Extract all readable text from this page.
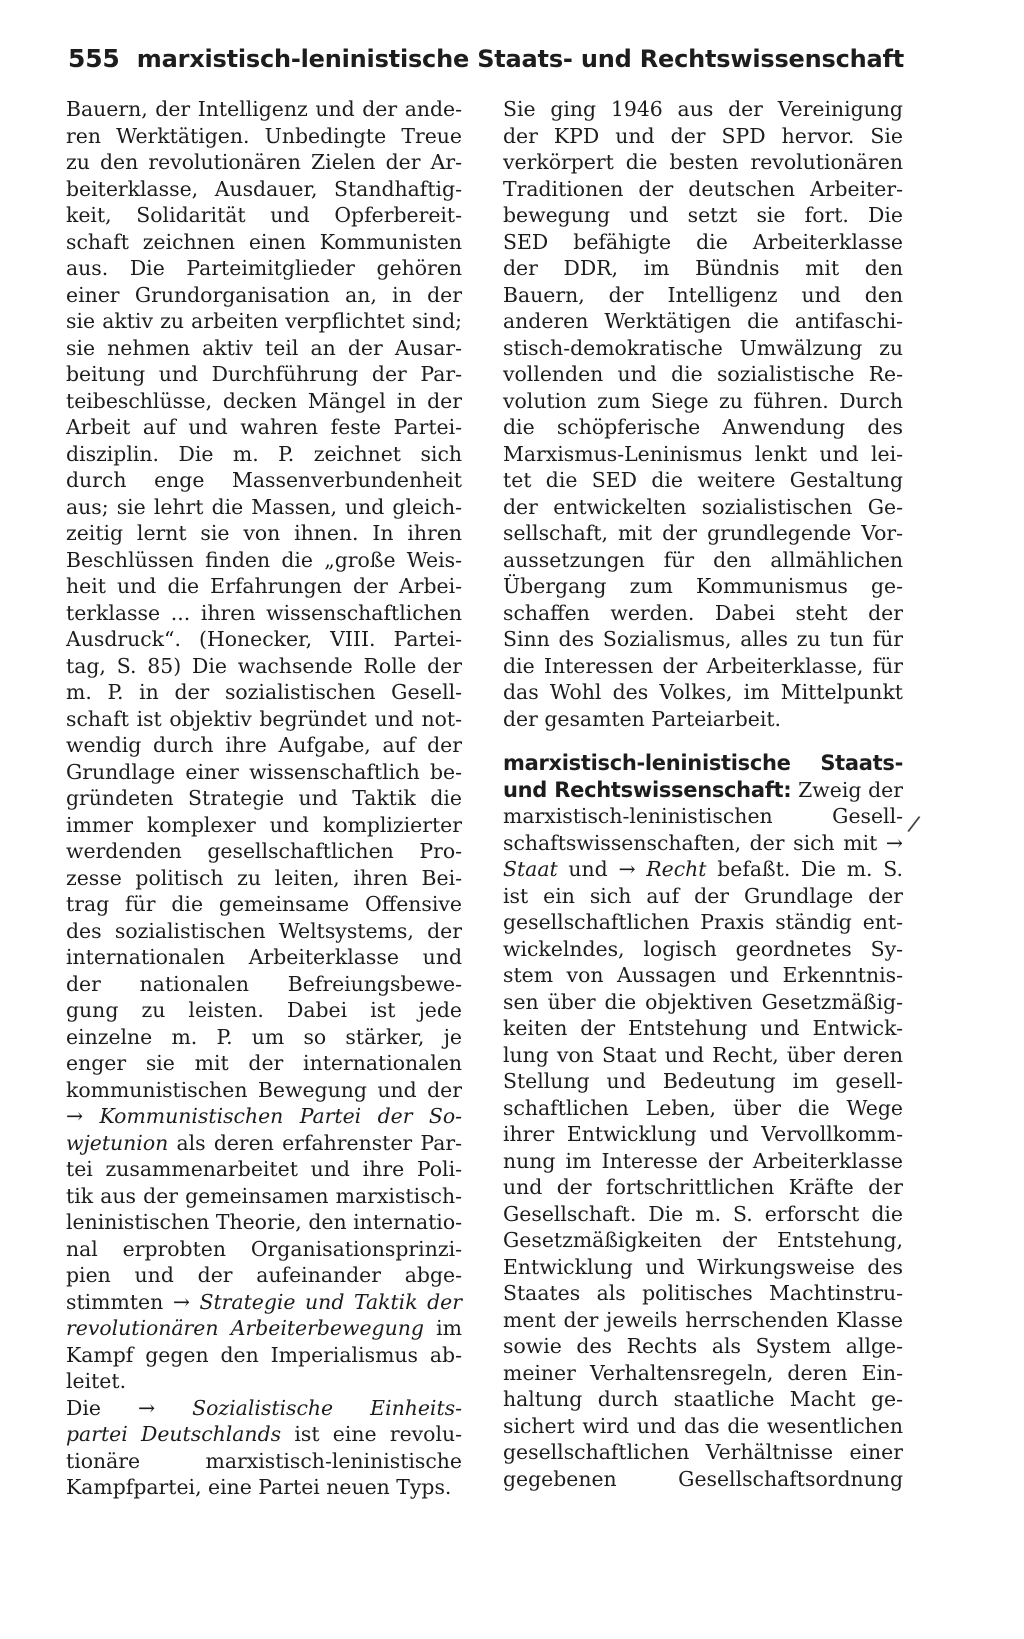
555 marxistisch-leninistische Staats- und Rechtswissenschaft
Bauern, der Intelligenz und der ande-
ren Werktätigen. Unbedingte Treue
zu den revolutionären Zielen der Ar-
beiterklasse, Ausdauer, Standhaftig-
keit, Solidarität und Opferbereit-
schaft zeichnen einen Kommunisten
aus. Die Parteimitglieder gehören
einer Grundorganisation an, in der
sie aktiv zu arbeiten verpflichtet sind;
sie nehmen aktiv teil an der Ausar-
beitung und Durchführung der Par-
teibeschlüsse, decken Mängel in der
Arbeit auf und wahren feste Partei-
disziplin. Die m. P. zeichnet sich
durch enge Massenverbundenheit
aus; sie lehrt die Massen, und gleich-
zeitig lernt sie von ihnen. In ihren
Beschlüssen finden die „große Weis-
heit und die Erfahrungen der Arbei-
terklasse ... ihren wissenschaftlichen
Ausdruck“. (Honecker, VIII. Partei-
tag, S. 85) Die wachsende Rolle der
m. P. in der sozialistischen Gesell-
schaft ist objektiv begründet und not-
wendig durch ihre Aufgabe, auf der
Grundlage einer wissenschaftlich be-
gründeten Strategie und Taktik die
immer komplexer und komplizierter
werdenden gesellschaftlichen Pro-
zesse politisch zu leiten, ihren Bei-
trag für die gemeinsame Offensive
des sozialistischen Weltsystems, der
internationalen Arbeiterklasse und
der nationalen Befreiungsbewe-
gung zu leisten. Dabei ist jede
einzelne m. P. um so stärker, je
enger sie mit der internationalen
kommunistischen Bewegung und der
→ Kommunistischen Partei der So-
wjetunion als deren erfahrenster Par-
tei zusammenarbeitet und ihre Poli-
tik aus der gemeinsamen marxistisch-
leninistischen Theorie, den internatio-
nal erprobten Organisationsprinzi-
pien und der aufeinander abge-
stimmten → Strategie und Taktik der
revolutionären Arbeiterbewegung im
Kampf gegen den Imperialismus ab-
leitet.
Die → Sozialistische Einheits-
partei Deutschlands ist eine revolu-
tionäre marxistisch-leninistische
Kampfpartei, eine Partei neuen Typs.
Sie ging 1946 aus der Vereinigung
der KPD und der SPD hervor. Sie
verkörpert die besten revolutionären
Traditionen der deutschen Arbeiter-
bewegung und setzt sie fort. Die
SED befähigte die Arbeiterklasse
der DDR, im Bündnis mit den
Bauern, der Intelligenz und den
anderen Werktätigen die antifaschi-
stisch-demokratische Umwälzung zu
vollenden und die sozialistische Re-
volution zum Siege zu führen. Durch
die schöpferische Anwendung des
Marxismus-Leninismus lenkt und lei-
tet die SED die weitere Gestaltung
der entwickelten sozialistischen Ge-
sellschaft, mit der grundlegende Vor-
aussetzungen für den allmählichen
Übergang zum Kommunismus ge-
schaffen werden. Dabei steht der
Sinn des Sozialismus, alles zu tun für
die Interessen der Arbeiterklasse, für
das Wohl des Volkes, im Mittelpunkt
der gesamten Parteiarbeit.
marxistisch-leninistische Staats-
und Rechtswissenschaft: Zweig der
marxistisch-leninistischen Gesell-
schaftswissenschaften, der sich mit →
Staat und → Recht befaßt. Die m. S.
ist ein sich auf der Grundlage der
gesellschaftlichen Praxis ständig ent-
wickelndes, logisch geordnetes Sy-
stem von Aussagen und Erkenntnis-
sen über die objektiven Gesetzmäßig-
keiten der Entstehung und Entwick-
lung von Staat und Recht, über deren
Stellung und Bedeutung im gesell-
schaftlichen Leben, über die Wege
ihrer Entwicklung und Vervollkomm-
nung im Interesse der Arbeiterklasse
und der fortschrittlichen Kräfte der
Gesellschaft. Die m. S. erforscht die
Gesetzmäßigkeiten der Entstehung,
Entwicklung und Wirkungsweise des
Staates als politisches Machtinstru-
ment der jeweils herrschenden Klasse
sowie des Rechts als System allge-
meiner Verhaltensregeln, deren Ein-
haltung durch staatliche Macht ge-
sichert wird und das die wesentlichen
gesellschaftlichen Verhältnisse einer
gegebenen Gesellschaftsordnung
/
